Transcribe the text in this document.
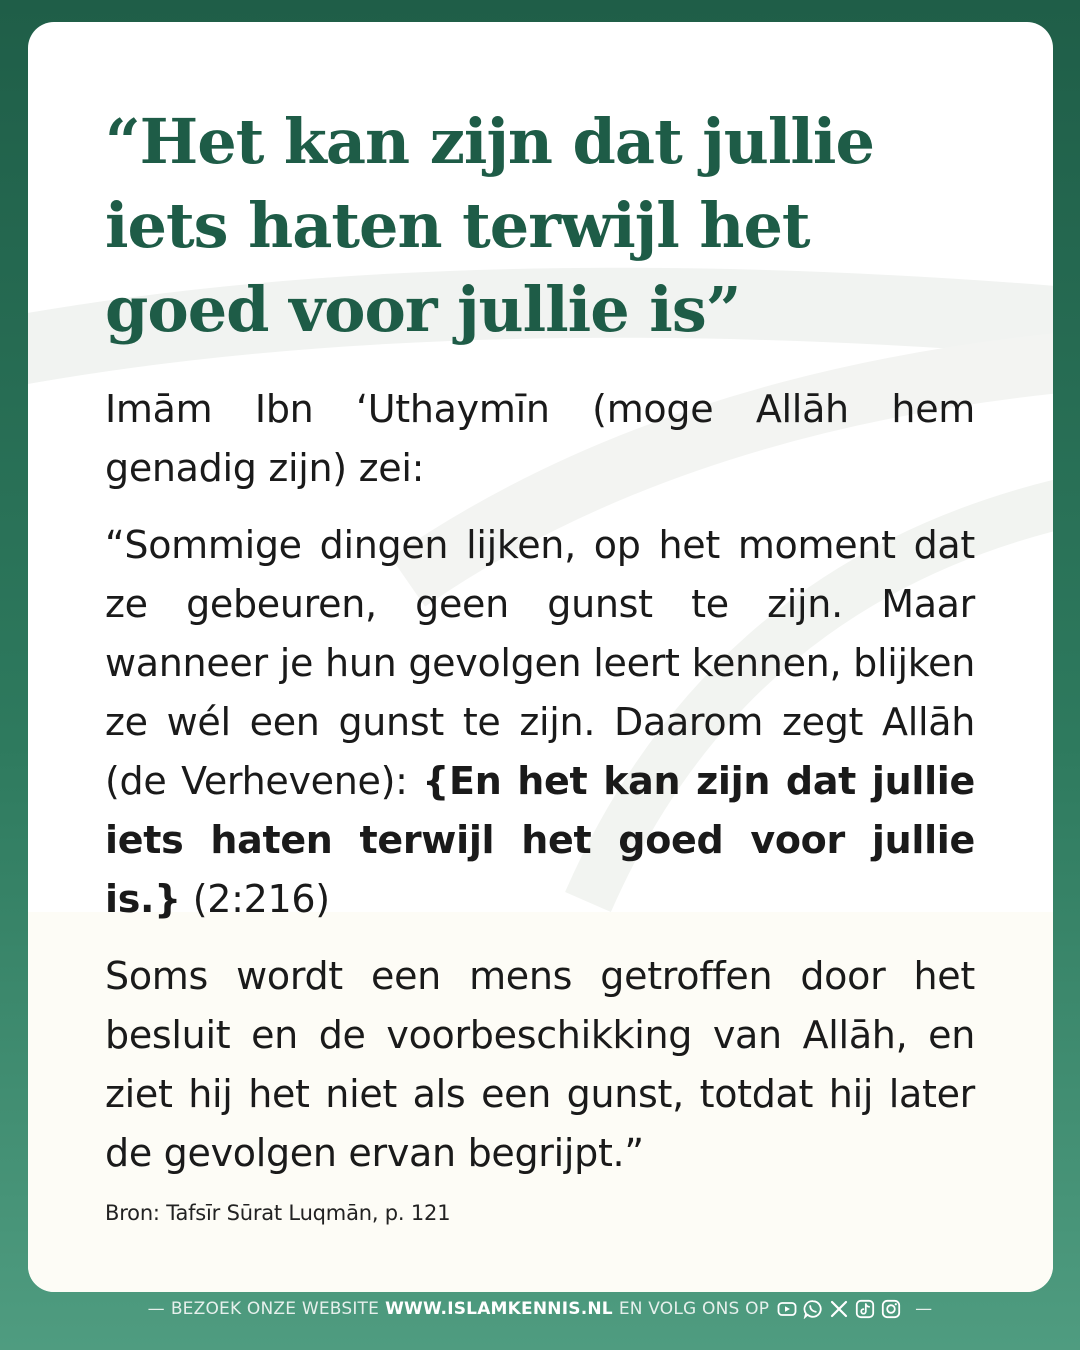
“Het kan zijn dat jullie iets haten terwijl het goed voor jullie is”

Imām Ibn ‘Uthaymīn (moge Allāh hem genadig zijn) zei:

“Sommige dingen lijken, op het moment dat ze gebeuren, geen gunst te zijn. Maar wanneer je hun gevolgen leert kennen, blijken ze wél een gunst te zijn. Daarom zegt Allāh (de Verhevene): {En het kan zijn dat jullie iets haten terwijl het goed voor jullie is.} (2:216)

Soms wordt een mens getroffen door het besluit en de voorbeschikking van Allāh, en ziet hij het niet als een gunst, totdat hij later de gevolgen ervan begrijpt.”

Bron: Tafsīr Sūrat Luqmān, p. 121
— BEZOEK ONZE WEBSITE WWW.ISLAMKENNIS.NL EN VOLG ONS OP	—
